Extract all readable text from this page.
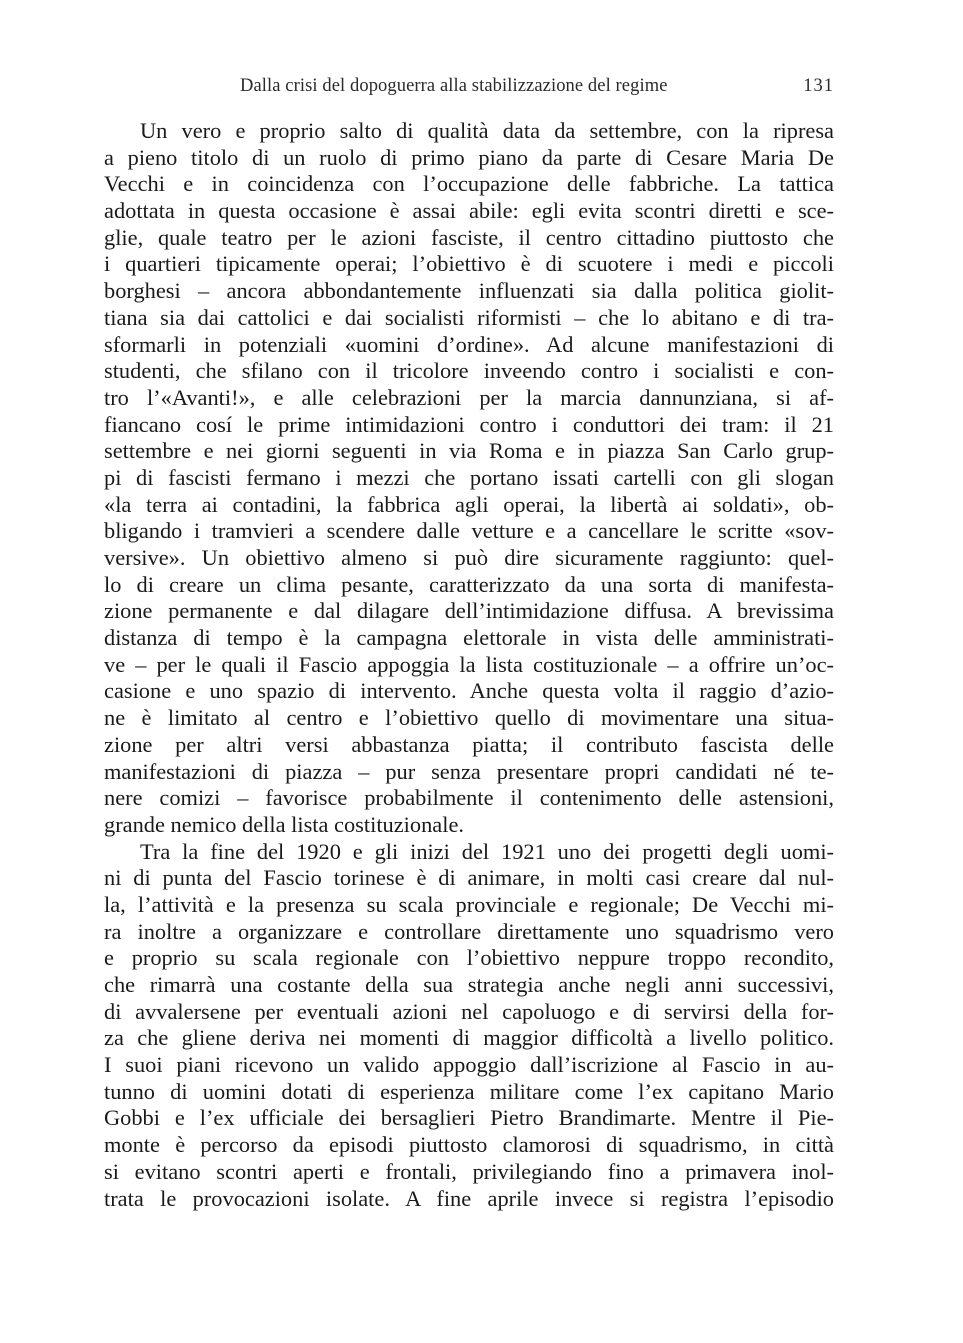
Dalla crisi del dopoguerra alla stabilizzazione del regime	131
Un vero e proprio salto di qualità data da settembre, con la ripresa
a pieno titolo di un ruolo di primo piano da parte di Cesare Maria De
Vecchi e in coincidenza con l’occupazione delle fabbriche. La tattica
adottata in questa occasione è assai abile: egli evita scontri diretti e sce-
glie, quale teatro per le azioni fasciste, il centro cittadino piuttosto che
i quartieri tipicamente operai; l’obiettivo è di scuotere i medi e piccoli
borghesi – ancora abbondantemente influenzati sia dalla politica giolit-
tiana sia dai cattolici e dai socialisti riformisti – che lo abitano e di tra-
sformarli in potenziali «uomini d’ordine». Ad alcune manifestazioni di
studenti, che sfilano con il tricolore inveendo contro i socialisti e con-
tro l’«Avanti!», e alle celebrazioni per la marcia dannunziana, si af-
fiancano cosí le prime intimidazioni contro i conduttori dei tram: il 21
settembre e nei giorni seguenti in via Roma e in piazza San Carlo grup-
pi di fascisti fermano i mezzi che portano issati cartelli con gli slogan
«la terra ai contadini, la fabbrica agli operai, la libertà ai soldati», ob-
bligando i tramvieri a scendere dalle vetture e a cancellare le scritte «sov-
versive». Un obiettivo almeno si può dire sicuramente raggiunto: quel-
lo di creare un clima pesante, caratterizzato da una sorta di manifesta-
zione permanente e dal dilagare dell’intimidazione diffusa. A brevissima
distanza di tempo è la campagna elettorale in vista delle amministrati-
ve – per le quali il Fascio appoggia la lista costituzionale – a offrire un’oc-
casione e uno spazio di intervento. Anche questa volta il raggio d’azio-
ne è limitato al centro e l’obiettivo quello di movimentare una situa-
zione per altri versi abbastanza piatta; il contributo fascista delle
manifestazioni di piazza – pur senza presentare propri candidati né te-
nere comizi – favorisce probabilmente il contenimento delle astensioni,
grande nemico della lista costituzionale.
Tra la fine del 1920 e gli inizi del 1921 uno dei progetti degli uomi-
ni di punta del Fascio torinese è di animare, in molti casi creare dal nul-
la, l’attività e la presenza su scala provinciale e regionale; De Vecchi mi-
ra inoltre a organizzare e controllare direttamente uno squadrismo vero
e proprio su scala regionale con l’obiettivo neppure troppo recondito,
che rimarrà una costante della sua strategia anche negli anni successivi,
di avvalersene per eventuali azioni nel capoluogo e di servirsi della for-
za che gliene deriva nei momenti di maggior difficoltà a livello politico.
I suoi piani ricevono un valido appoggio dall’iscrizione al Fascio in au-
tunno di uomini dotati di esperienza militare come l’ex capitano Mario
Gobbi e l’ex ufficiale dei bersaglieri Pietro Brandimarte. Mentre il Pie-
monte è percorso da episodi piuttosto clamorosi di squadrismo, in città
si evitano scontri aperti e frontali, privilegiando fino a primavera inol-
trata le provocazioni isolate. A fine aprile invece si registra l’episodio
